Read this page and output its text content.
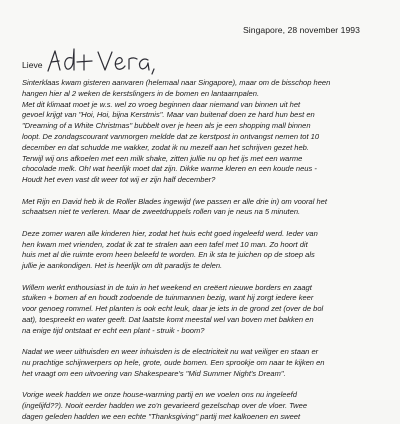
Singapore, 28 november 1993
Lieve

Sinterklaas kwam gisteren aanvaren (helemaal naar Singapore), maar om de bisschop heen
hangen hier al 2 weken de kerstslingers in de bomen en lantaarnpalen.
Met dit klimaat moet je w.s. wel zo vroeg beginnen daar niemand van binnen uit het
gevoel krijgt van "Hoi, Hoi, bijna Kerstmis". Maar van buitenaf doen ze hard hun best en
"Dreaming of a White Christmas" bubbelt over je heen als je een shopping mall binnen
loopt. De zondagscourant vanmorgen meldde dat ze kerstpost in ontvangst nemen tot 10
december en dat schudde me wakker, zodat ik nu mezelf aan het schrijven gezet heb.
Terwijl wij ons afkoelen met een milk shake, zitten jullie nu op het ijs met een warme
chocolade melk. Oh! wat heerlijk moet dat zijn. Dikke warme kleren en een koude neus -
Houdt het even vast dit weer tot wij er zijn half december?

Met Rijn en David heb ik de Roller Blades ingewijd (we passen er alle drie in) om vooral het
schaatsen niet te verleren. Maar de zweetdruppels rollen van je neus na 5 minuten.

Deze zomer waren alle kinderen hier, zodat het huis echt goed ingeleefd werd. Ieder van
hen kwam met vrienden, zodat ik zat te stralen aan een tafel met 10 man. Zo hoort dit
huis met al die ruimte erom heen beleefd te worden. En ik sta te juichen op de stoep als
jullie je aankondigen. Het is heerlijk om dit paradijs te delen.

Willem werkt enthousiast in de tuin in het weekend en creëert nieuwe borders en zaagt
stuiken + bomen af en houdt zodoende de tuinmannen bezig, want hij zorgt iedere keer
voor genoeg rommel. Het planten is ook echt leuk, daar je iets in de grond zet (over de bol
aat), toespreekt en water geeft. Dat laatste komt meestal wel van boven met bakken en
na enige tijd ontstaat er echt een plant - struik - boom?

Nadat we weer uithuisden en weer inhuisden is de electriciteit nu wat veiliger en staan er
nu prachtige schijnwerpers op hele, grote, oude bomen. Een sprookje om naar te kijken en
het vraagt om een uitvoering van Shakespeare's "Mid Summer Night's Dream".

Vorige week hadden we onze house-warming partij en we voelen ons nu ingeleefd
(ingelijfd??). Nooit eerder hadden we zo'n gevarieerd gezelschap over de vloer. Twee
dagen geleden hadden we een echte "Thanksgiving" partij met kalkoenen en sweet
